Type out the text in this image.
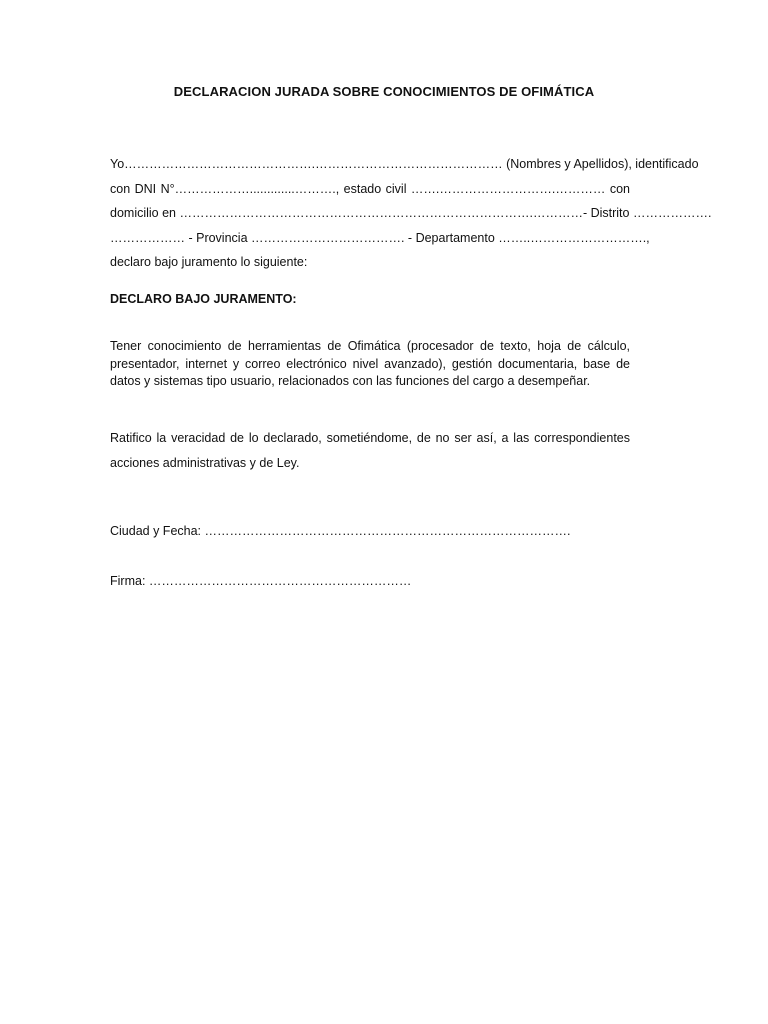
DECLARACION JURADA SOBRE CONOCIMIENTOS DE OFIMÁTICA
Yo……………………………………….……………………………………… (Nombres y Apellidos), identificado
con DNI N°……………….............………., estado civil …….……………………….………… con
domicilio en ………………………………………………………………………….…………- Distrito ……………….
……………… - Provincia ………………………………. - Departamento ……..……………………….,
declaro bajo juramento lo siguiente:
DECLARO BAJO JURAMENTO:
Tener conocimiento de herramientas de Ofimática (procesador de texto, hoja de cálculo, presentador, internet y correo electrónico nivel avanzado), gestión documentaria, base de datos y sistemas tipo usuario, relacionados con las funciones del cargo a desempeñar.
Ratifico la veracidad de lo declarado, sometiéndome, de no ser así, a las correspondientes acciones administrativas y de Ley.
Ciudad y Fecha: …………………………………………………………………………….
Firma: ………………………………………………………
